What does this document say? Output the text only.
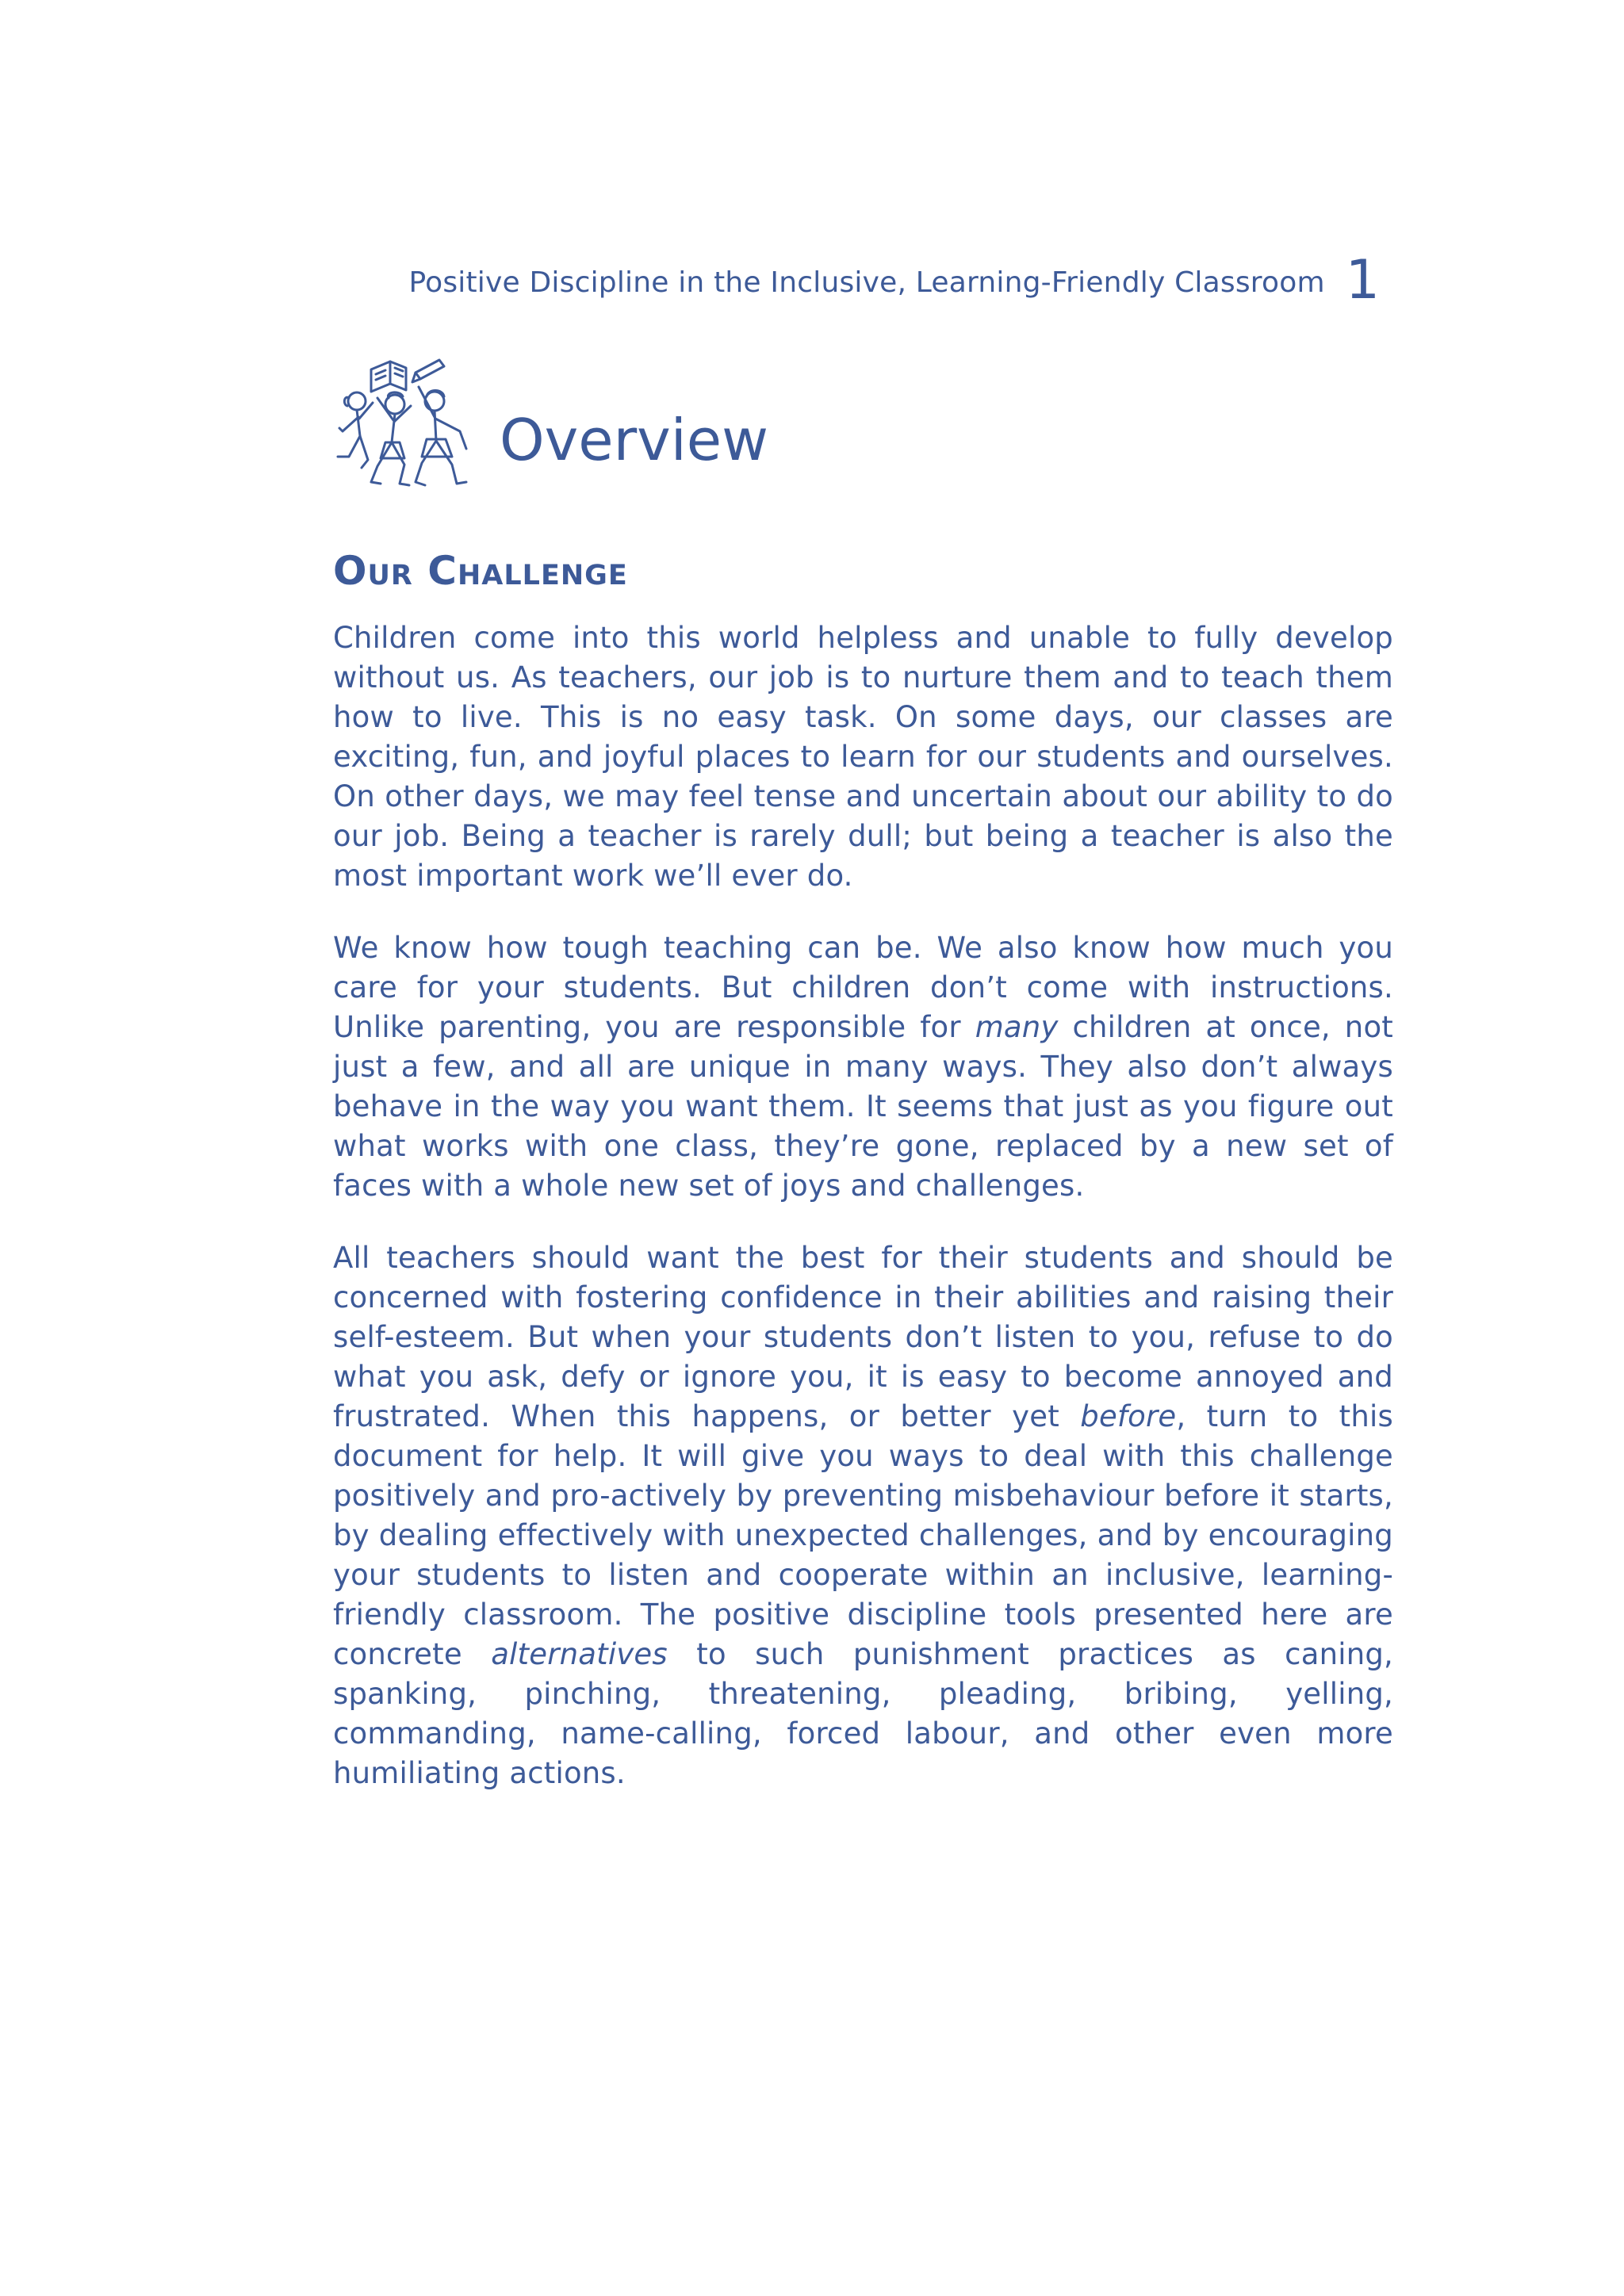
Positive Discipline in the Inclusive, Learning-Friendly Classroom 1
Overview
Our Challenge

Children come into this world helpless and unable to fully develop without us. As teachers, our job is to nurture them and to teach them how to live. This is no easy task. On some days, our classes are exciting, fun, and joyful places to learn for our students and ourselves. On other days, we may feel tense and uncertain about our ability to do our job. Being a teacher is rarely dull; but being a teacher is also the most important work we’ll ever do.

We know how tough teaching can be. We also know how much you care for your students. But children don’t come with instructions. Unlike parenting, you are responsible for many children at once, not just a few, and all are unique in many ways. They also don’t always behave in the way you want them. It seems that just as you figure out what works with one class, they’re gone, replaced by a new set of faces with a whole new set of joys and challenges.

All teachers should want the best for their students and should be concerned with fostering confidence in their abilities and raising their self-esteem. But when your students don’t listen to you, refuse to do what you ask, defy or ignore you, it is easy to become annoyed and frustrated. When this happens, or better yet before, turn to this document for help. It will give you ways to deal with this challenge positively and pro-actively by preventing misbehaviour before it starts, by dealing effectively with unexpected challenges, and by encouraging your students to listen and cooperate within an inclusive, learning-friendly classroom. The positive discipline tools presented here are concrete alternatives to such punishment practices as caning, spanking, pinching, threatening, pleading, bribing, yelling, commanding, name-calling, forced labour, and other even more humiliating actions.
